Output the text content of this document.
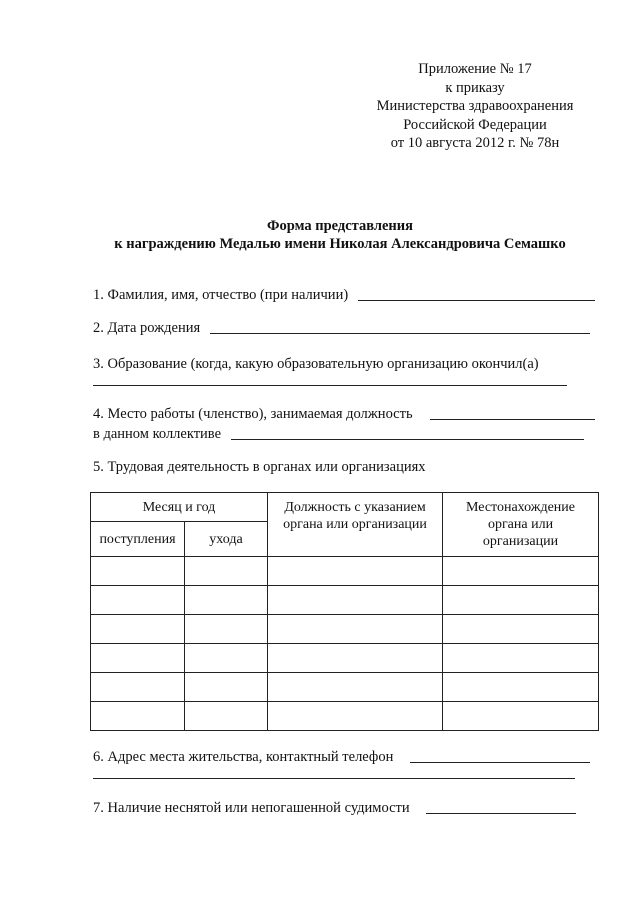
Приложение № 17
к приказу
Министерства здравоохранения
Российской Федерации
от 10 августа 2012 г. № 78н
Форма представления
к награждению Медалью имени Николая Александровича Семашко
1. Фамилия, имя, отчество (при наличии)
2. Дата рождения
3. Образование (когда, какую образовательную организацию окончил(а)
4. Место работы (членство), занимаемая должность
в данном коллективе
5. Трудовая деятельность в органах или организациях
Месяц и год		Должность с указанием органа или организации	Местонахождение органа или организации
поступления	ухода		

6. Адрес места жительства, контактный телефон
7. Наличие неснятой или непогашенной судимости
